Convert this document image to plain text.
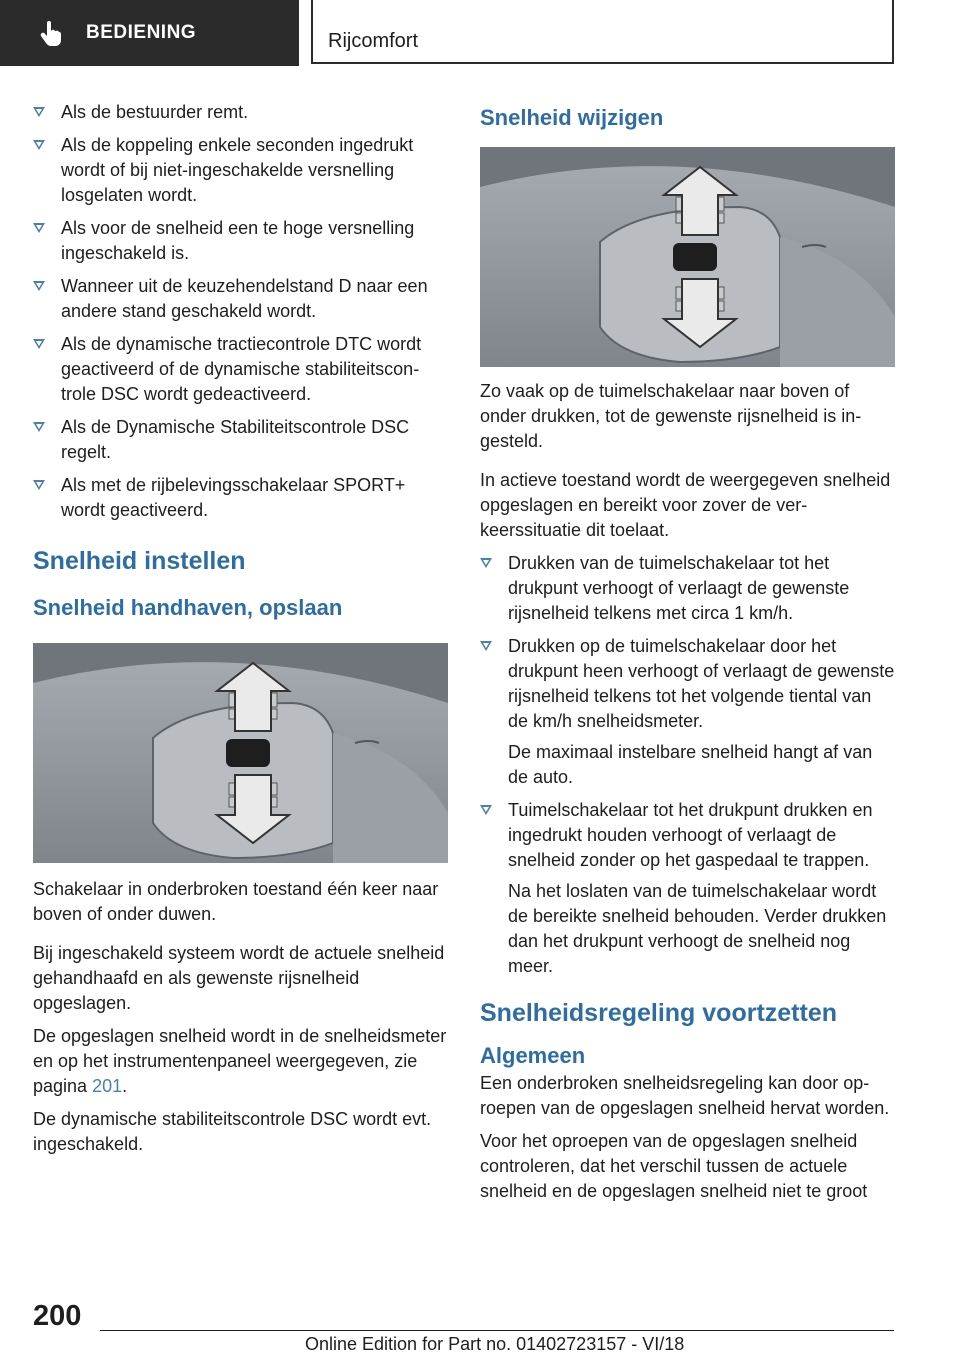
BEDIENING	Rijcomfort
Als de bestuurder remt.
Als de koppeling enkele seconden ingedrukt wordt of bij niet-ingeschakelde versnelling losgelaten wordt.
Als voor de snelheid een te hoge versnelling ingeschakeld is.
Wanneer uit de keuzehendelstand D naar een andere stand geschakeld wordt.
Als de dynamische tractiecontrole DTC wordt geactiveerd of de dynamische stabiliteitscontrole DSC wordt gedeactiveerd.
Als de Dynamische Stabiliteitscontrole DSC regelt.
Als met de rijbelevingsschakelaar SPORT+ wordt geactiveerd.
Snelheid instellen
Snelheid handhaven, opslaan

Schakelaar in onderbroken toestand één keer naar boven of onder duwen.

Bij ingeschakeld systeem wordt de actuele snelheid gehandhaafd en als gewenste rijsnelheid opgeslagen.

De opgeslagen snelheid wordt in de snelheidsmeter en op het instrumentenpaneel weergegeven, zie pagina 201.

De dynamische stabiliteitscontrole DSC wordt evt. ingeschakeld.

Snelheid wijzigen

Zo vaak op de tuimelschakelaar naar boven of onder drukken, tot de gewenste rijsnelheid is ingesteld.

In actieve toestand wordt de weergegeven snelheid opgeslagen en bereikt voor zover de verkeerssituatie dit toelaat.

Drukken van de tuimelschakelaar tot het drukpunt verhoogt of verlaagt de gewenste rijsnelheid telkens met circa 1 km/h.
Drukken op de tuimelschakelaar door het drukpunt heen verhoogt of verlaagt de gewenste rijsnelheid telkens tot het volgende tiental van de km/h snelheidsmeter.
De maximaal instelbare snelheid hangt af van de auto.
Tuimelschakelaar tot het drukpunt drukken en ingedrukt houden verhoogt of verlaagt de snelheid zonder op het gaspedaal te trappen.
Na het loslaten van de tuimelschakelaar wordt de bereikte snelheid behouden. Verder drukken dan het drukpunt verhoogt de snelheid nog meer.
Snelheidsregeling voortzetten
Algemeen

Een onderbroken snelheidsregeling kan door oproepen van de opgeslagen snelheid hervat worden.

Voor het oproepen van de opgeslagen snelheid controleren, dat het verschil tussen de actuele snelheid en de opgeslagen snelheid niet te groot

200
Online Edition for Part no. 01402723157 - VI/18
